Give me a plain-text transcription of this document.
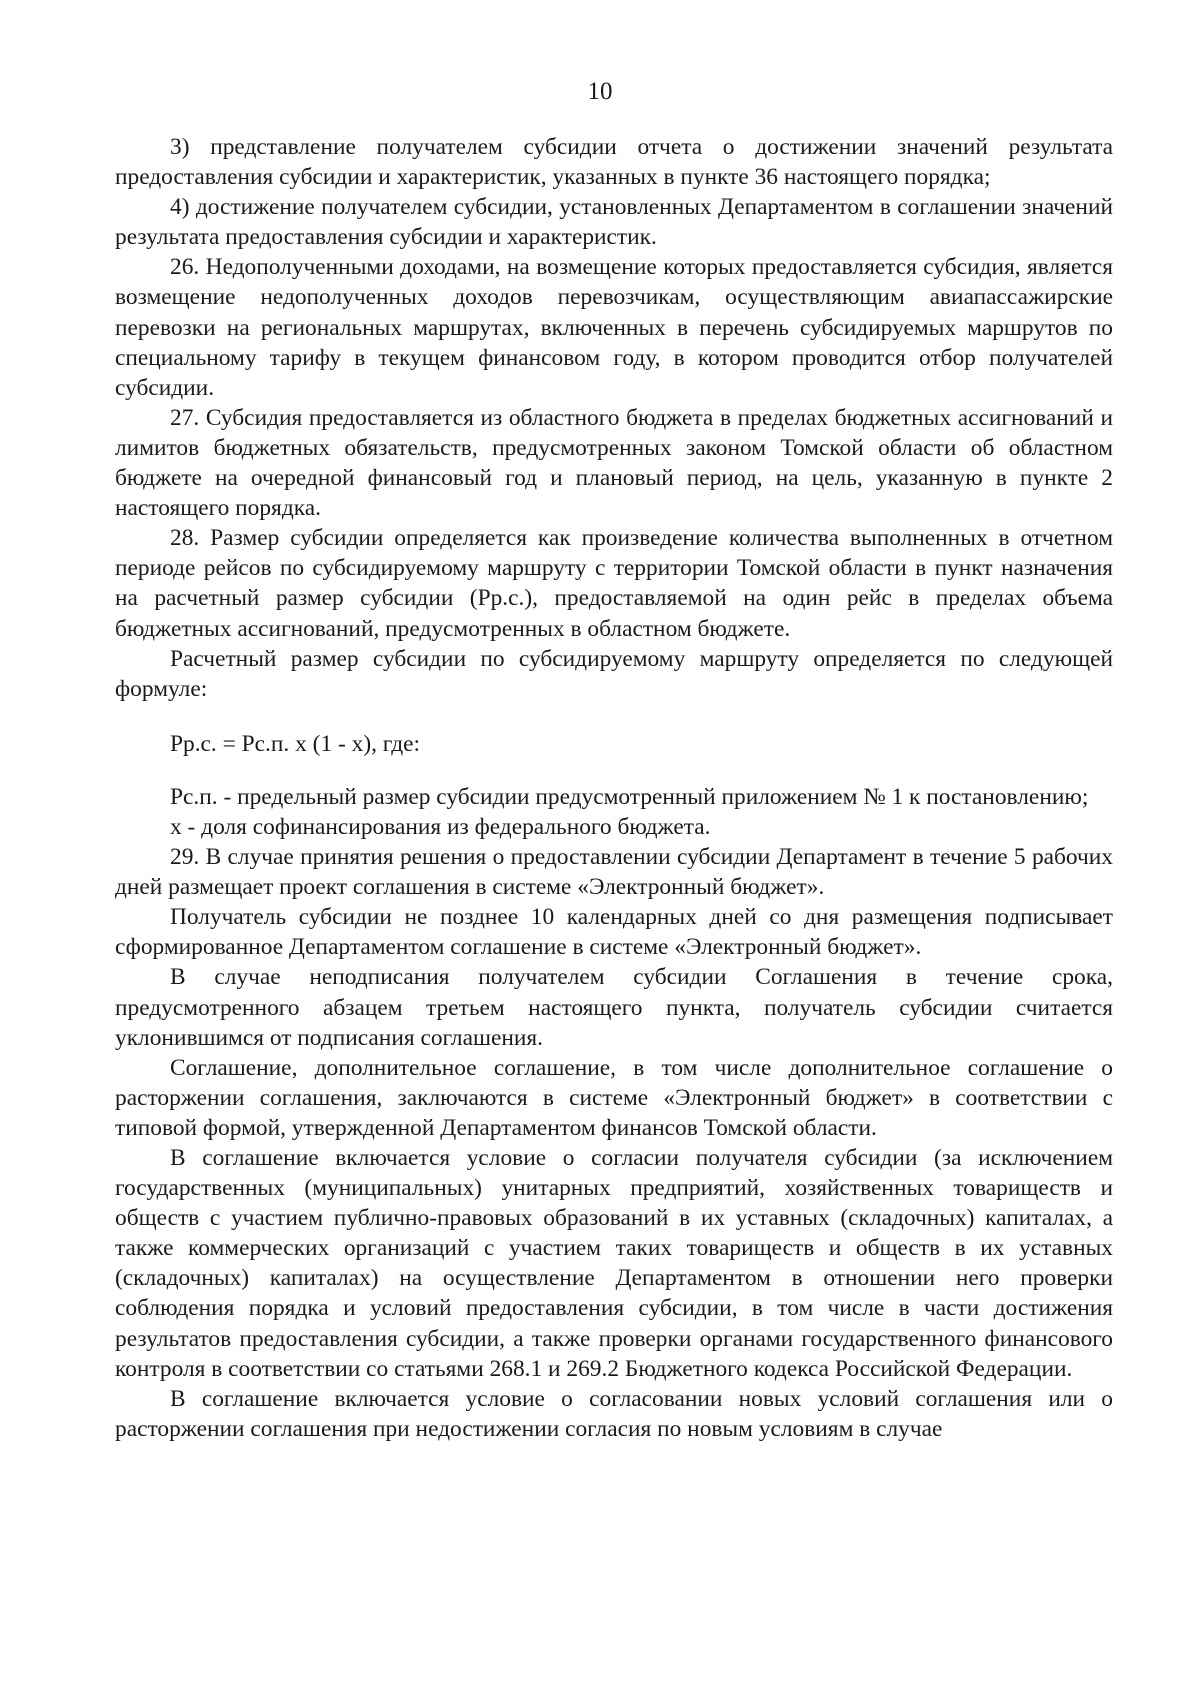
10

3) представление получателем субсидии отчета о достижении значений результата предоставления субсидии и характеристик, указанных в пункте 36 настоящего порядка;

4) достижение получателем субсидии, установленных Департаментом в соглашении значений результата предоставления субсидии и характеристик.

26. Недополученными доходами, на возмещение которых предоставляется субсидия, является возмещение недополученных доходов перевозчикам, осуществляющим авиапассажирские перевозки на региональных маршрутах, включенных в перечень субсидируемых маршрутов по специальному тарифу в текущем финансовом году, в котором проводится отбор получателей субсидии.

27. Субсидия предоставляется из областного бюджета в пределах бюджетных ассигнований и лимитов бюджетных обязательств, предусмотренных законом Томской области об областном бюджете на очередной финансовый год и плановый период, на цель, указанную в пункте 2 настоящего порядка.

28. Размер субсидии определяется как произведение количества выполненных в отчетном периоде рейсов по субсидируемому маршруту с территории Томской области в пункт назначения на расчетный размер субсидии (Рр.с.), предоставляемой на один рейс в пределах объема бюджетных ассигнований, предусмотренных в областном бюджете.

Расчетный размер субсидии по субсидируемому маршруту определяется по следующей формуле:

Рр.с. = Рс.п. х (1 - х), где:

Рс.п. - предельный размер субсидии предусмотренный приложением № 1 к постановлению;

х - доля софинансирования из федерального бюджета.

29. В случае принятия решения о предоставлении субсидии Департамент в течение 5 рабочих дней размещает проект соглашения в системе «Электронный бюджет».

Получатель субсидии не позднее 10 календарных дней со дня размещения подписывает сформированное Департаментом соглашение в системе «Электронный бюджет».

В случае неподписания получателем субсидии Соглашения в течение срока, предусмотренного абзацем третьем настоящего пункта, получатель субсидии считается уклонившимся от подписания соглашения.

Соглашение, дополнительное соглашение, в том числе дополнительное соглашение о расторжении соглашения, заключаются в системе «Электронный бюджет» в соответствии с типовой формой, утвержденной Департаментом финансов Томской области.

В соглашение включается условие о согласии получателя субсидии (за исключением государственных (муниципальных) унитарных предприятий, хозяйственных товариществ и обществ с участием публично-правовых образований в их уставных (складочных) капиталах, а также коммерческих организаций с участием таких товариществ и обществ в их уставных (складочных) капиталах) на осуществление Департаментом в отношении него проверки соблюдения порядка и условий предоставления субсидии, в том числе в части достижения результатов предоставления субсидии, а также проверки органами государственного финансового контроля в соответствии со статьями 268.1 и 269.2 Бюджетного кодекса Российской Федерации.

В соглашение включается условие о согласовании новых условий соглашения или о расторжении соглашения при недостижении согласия по новым условиям в случае
